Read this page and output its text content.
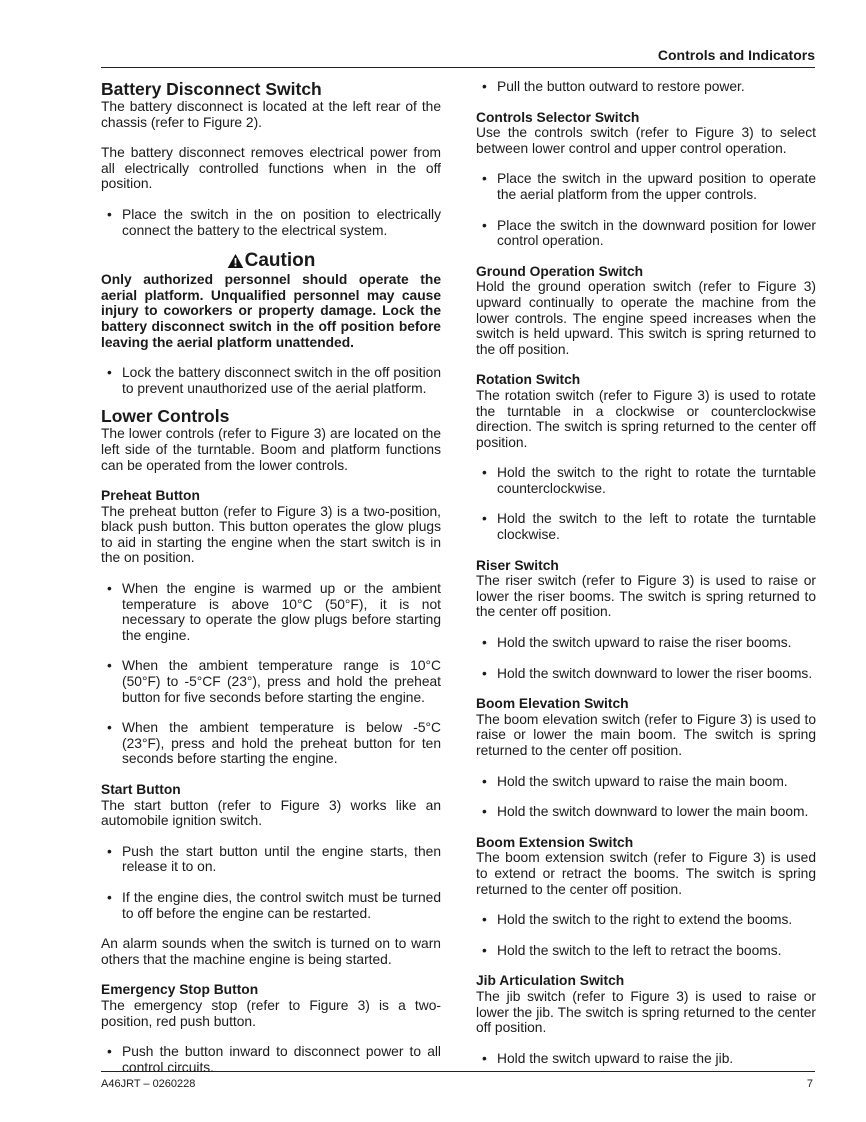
Controls and Indicators
Battery Disconnect Switch

The battery disconnect is located at the left rear of the chassis (refer to Figure 2).

The battery disconnect removes electrical power from all electrically controlled functions when in the off position.

• Place the switch in the on position to electrically connect the battery to the electrical system.
Caution
Only authorized personnel should operate the aerial platform. Unqualified personnel may cause injury to coworkers or property damage. Lock the battery disconnect switch in the off position before leaving the aerial platform unattended.
• Lock the battery disconnect switch in the off position to prevent unauthorized use of the aerial platform.
Lower Controls

The lower controls (refer to Figure 3) are located on the left side of the turntable. Boom and platform functions can be operated from the lower controls.

Preheat Button

The preheat button (refer to Figure 3) is a two-position, black push button. This button operates the glow plugs to aid in starting the engine when the start switch is in the on position.

• When the engine is warmed up or the ambient temperature is above 10°C (50°F), it is not necessary to operate the glow plugs before starting the engine.
• When the ambient temperature range is 10°C (50°F) to -5°CF (23°), press and hold the preheat button for five seconds before starting the engine.
• When the ambient temperature is below -5°C (23°F), press and hold the preheat button for ten seconds before starting the engine.
Start Button

The start button (refer to Figure 3) works like an automobile ignition switch.

• Push the start button until the engine starts, then release it to on.
• If the engine dies, the control switch must be turned to off before the engine can be restarted.

An alarm sounds when the switch is turned on to warn others that the machine engine is being started.

Emergency Stop Button

The emergency stop (refer to Figure 3) is a two-position, red push button.

• Push the button inward to disconnect power to all control circuits.
• Pull the button outward to restore power.
Controls Selector Switch

Use the controls switch (refer to Figure 3) to select between lower control and upper control operation.

• Place the switch in the upward position to operate the aerial platform from the upper controls.
• Place the switch in the downward position for lower control operation.
Ground Operation Switch

Hold the ground operation switch (refer to Figure 3) upward continually to operate the machine from the lower controls. The engine speed increases when the switch is held upward. This switch is spring returned to the off position.

Rotation Switch

The rotation switch (refer to Figure 3) is used to rotate the turntable in a clockwise or counterclockwise direction. The switch is spring returned to the center off position.

• Hold the switch to the right to rotate the turntable counterclockwise.
• Hold the switch to the left to rotate the turntable clockwise.
Riser Switch

The riser switch (refer to Figure 3) is used to raise or lower the riser booms. The switch is spring returned to the center off position.

• Hold the switch upward to raise the riser booms.
• Hold the switch downward to lower the riser booms.
Boom Elevation Switch

The boom elevation switch (refer to Figure 3) is used to raise or lower the main boom. The switch is spring returned to the center off position.

• Hold the switch upward to raise the main boom.
• Hold the switch downward to lower the main boom.
Boom Extension Switch

The boom extension switch (refer to Figure 3) is used to extend or retract the booms. The switch is spring returned to the center off position.

• Hold the switch to the right to extend the booms.
• Hold the switch to the left to retract the booms.
Jib Articulation Switch

The jib switch (refer to Figure 3) is used to raise or lower the jib. The switch is spring returned to the center off position.

• Hold the switch upward to raise the jib.
A46JRT – 0260228	7
